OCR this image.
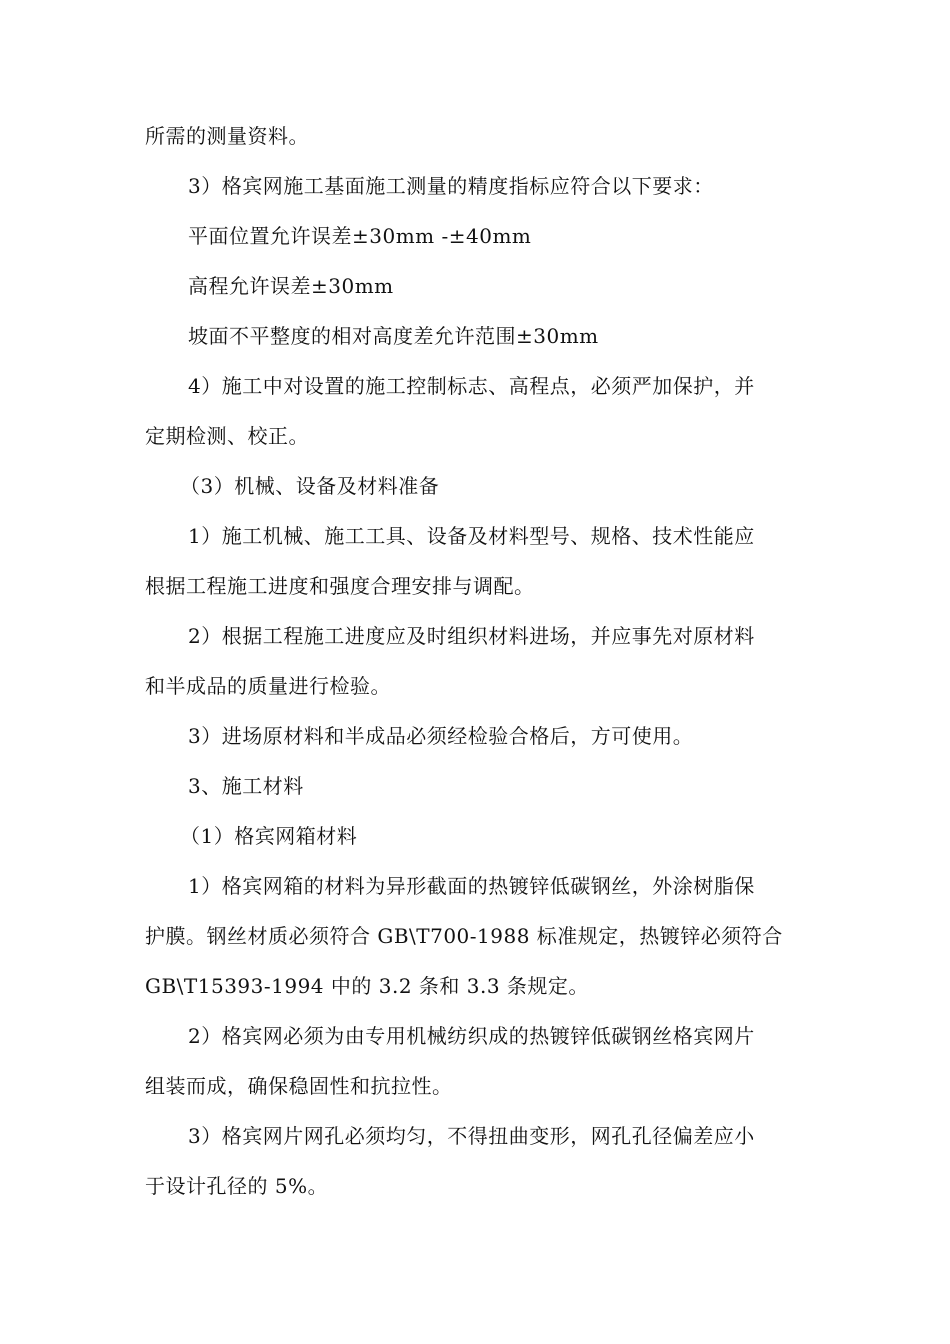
所需的测量资料。
3）格宾网施工基面施工测量的精度指标应符合以下要求：
平面位置允许误差±30mm -±40mm
高程允许误差±30mm
坡面不平整度的相对高度差允许范围±30mm
4）施工中对设置的施工控制标志、高程点，必须严加保护，并
定期检测、校正。
（3）机械、设备及材料准备
1）施工机械、施工工具、设备及材料型号、规格、技术性能应
根据工程施工进度和强度合理安排与调配。
2）根据工程施工进度应及时组织材料进场，并应事先对原材料
和半成品的质量进行检验。
3）进场原材料和半成品必须经检验合格后，方可使用。
3、施工材料
（1）格宾网箱材料
1）格宾网箱的材料为异形截面的热镀锌低碳钢丝，外涂树脂保
护膜。钢丝材质必须符合 GB\T700-1988 标准规定，热镀锌必须符合
GB\T15393-1994 中的 3.2 条和 3.3 条规定。
2）格宾网必须为由专用机械纺织成的热镀锌低碳钢丝格宾网片
组装而成，确保稳固性和抗拉性。
3）格宾网片网孔必须均匀，不得扭曲变形，网孔孔径偏差应小
于设计孔径的 5%。
